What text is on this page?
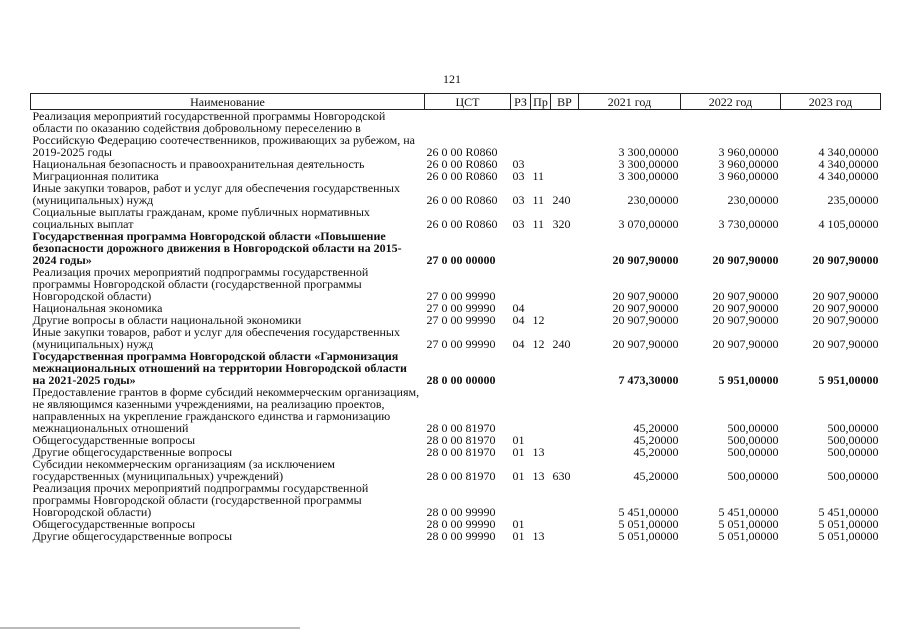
121
Наименование	ЦСТ	РЗ	Пр	ВР	2021 год	2022 год	2023 год
Реализация мероприятий государственной программы Новгородской области по оказанию содействия добровольному переселению в Российскую Федерацию соотечественников, проживающих за рубежом, на 2019-2025 годы	26 0 00 R0860				3 300,00000	3 960,00000	4 340,00000
Национальная безопасность и правоохранительная деятельность	26 0 00 R0860	03			3 300,00000	3 960,00000	4 340,00000
Миграционная политика	26 0 00 R0860	03	11		3 300,00000	3 960,00000	4 340,00000
Иные закупки товаров, работ и услуг для обеспечения государственных (муниципальных) нужд	26 0 00 R0860	03	11	240	230,00000	230,00000	235,00000
Социальные выплаты гражданам, кроме публичных нормативных социальных выплат	26 0 00 R0860	03	11	320	3 070,00000	3 730,00000	4 105,00000
Государственная программа Новгородской области «Повышение безопасности дорожного движения в Новгородской области на 2015-2024 годы»	27 0 00 00000				20 907,90000	20 907,90000	20 907,90000
Реализация прочих мероприятий подпрограммы государственной программы Новгородской области (государственной программы Новгородской области)	27 0 00 99990				20 907,90000	20 907,90000	20 907,90000
Национальная экономика	27 0 00 99990	04			20 907,90000	20 907,90000	20 907,90000
Другие вопросы в области национальной экономики	27 0 00 99990	04	12		20 907,90000	20 907,90000	20 907,90000
Иные закупки товаров, работ и услуг для обеспечения государственных (муниципальных) нужд	27 0 00 99990	04	12	240	20 907,90000	20 907,90000	20 907,90000
Государственная программа Новгородской области «Гармонизация межнациональных отношений на территории Новгородской области на 2021-2025 годы»	28 0 00 00000				7 473,30000	5 951,00000	5 951,00000
Предоставление грантов в форме субсидий некоммерческим организациям, не являющимся казенными учреждениями, на реализацию проектов, направленных на укрепление гражданского единства и гармонизацию межнациональных отношений	28 0 00 81970				45,20000	500,00000	500,00000
Общегосударственные вопросы	28 0 00 81970	01			45,20000	500,00000	500,00000
Другие общегосударственные вопросы	28 0 00 81970	01	13		45,20000	500,00000	500,00000
Субсидии некоммерческим организациям (за исключением государственных (муниципальных) учреждений)	28 0 00 81970	01	13	630	45,20000	500,00000	500,00000
Реализация прочих мероприятий подпрограммы государственной программы Новгородской области (государственной программы Новгородской области)	28 0 00 99990				5 451,00000	5 451,00000	5 451,00000
Общегосударственные вопросы	28 0 00 99990	01			5 051,00000	5 051,00000	5 051,00000
Другие общегосударственные вопросы	28 0 00 99990	01	13		5 051,00000	5 051,00000	5 051,00000
